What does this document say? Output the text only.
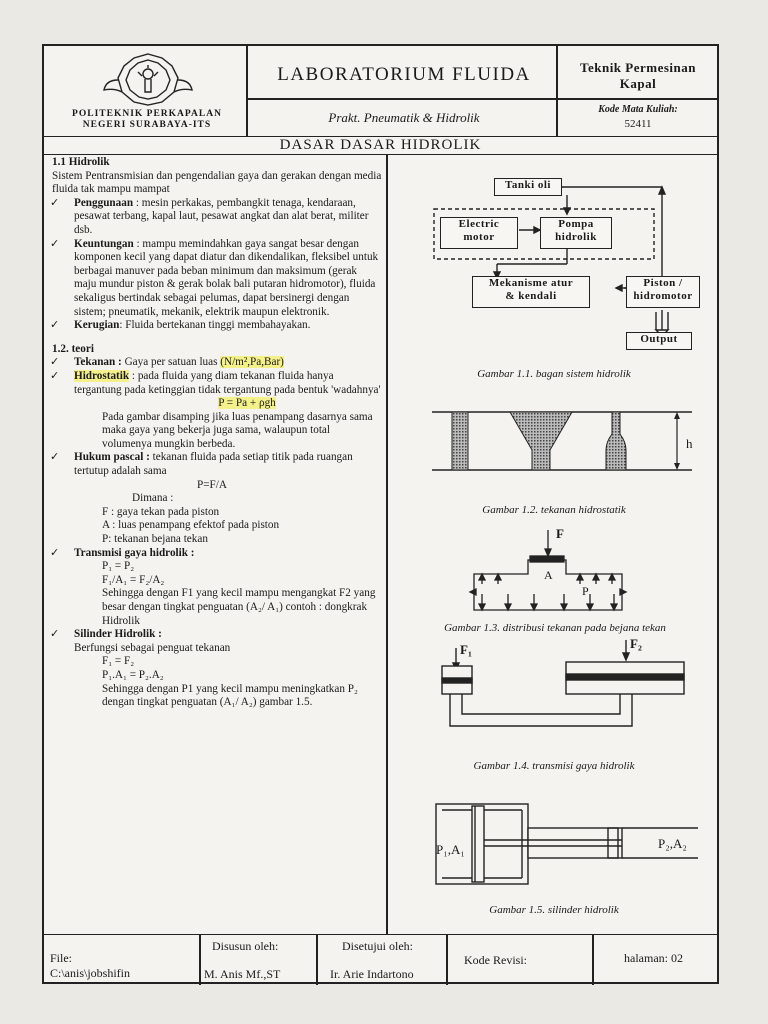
POLITEKNIK PERKAPALAN
NEGERI SURABAYA-ITS
LABORATORIUM FLUIDA
Prakt. Pneumatik & Hidrolik
Teknik Permesinan
Kapal
Kode Mata Kuliah:
52411
DASAR DASAR HIDROLIK

1.1 Hidrolik

Sistem Pentransmisian dan pengendalian gaya dan gerakan dengan media fluida tak mampu mampat

✓ Penggunaan : mesin perkakas, pembangkit tenaga, kendaraan, pesawat terbang, kapal laut, pesawat angkat dan alat berat, militer dsb.
✓ Keuntungan : mampu memindahkan gaya sangat besar dengan komponen kecil yang dapat diatur dan dikendalikan, fleksibel untuk berbagai manuver pada beban minimum dan maksimum (gerak maju mundur piston & gerak bolak bali putaran hidromotor), fluida sekaligus bertindak sebagai pelumas, dapat bersinergi dengan sistem; pneumatik, mekanik, elektrik maupun elektronik.
✓ Kerugian: Fluida bertekanan tinggi membahayakan.

1.2. teori

✓ Tekanan : Gaya per satuan luas (N/m²,Pa,Bar)
✓ Hidrostatik : pada fluida yang diam tekanan fluida hanya tergantung pada ketinggian tidak tergantung pada bentuk 'wadahnya'

P = Pa + ρgh

Pada gambar disamping jika luas penampang dasarnya sama maka gaya yang bekerja juga sama, walaupun total volumenya mungkin berbeda.

✓ Hukum pascal : tekanan fluida pada setiap titik pada ruangan tertutup adalah sama

P=F/A

Dimana :

F : gaya tekan pada piston

A : luas penampang efektof pada piston

P: tekanan bejana tekan

✓ Transmisi gaya hidrolik :

P₁ = P₂

F₁/A₁ = F₂/A₂

Sehingga dengan F1 yang kecil mampu mengangkat F2 yang besar dengan tingkat penguatan (A₂/ A₁) contoh : dongkrak Hidrolik

✓ Silinder Hidrolik :

Berfungsi sebagai penguat tekanan

F₁ = F₂

P₁.A₁ = P₂.A₂

Sehingga dengan P1 yang kecil mampu meningkatkan P₂ dengan tingkat penguatan (A₁/ A₂) gambar 1.5.

Tanki oli
Electric
motor
Pompa
hidrolik
Mekanisme atur
& kendali
Piston /
hidromotor
Output
Gambar 1.1. bagan sistem hidrolik
h
Gambar 1.2. tekanan hidrostatik
F
A
P
Gambar 1.3. distribusi tekanan pada bejana tekan
F₁	F₂
Gambar 1.4. transmisi gaya hidrolik
P₁,A₁	P₂,A₂
Gambar 1.5. silinder hidrolik
File:
C:\anis\jobshifin
Disusun oleh:
M. Anis Mf.,ST
Disetujui oleh:
Ir. Arie Indartono
Kode Revisi:	halaman: 02
